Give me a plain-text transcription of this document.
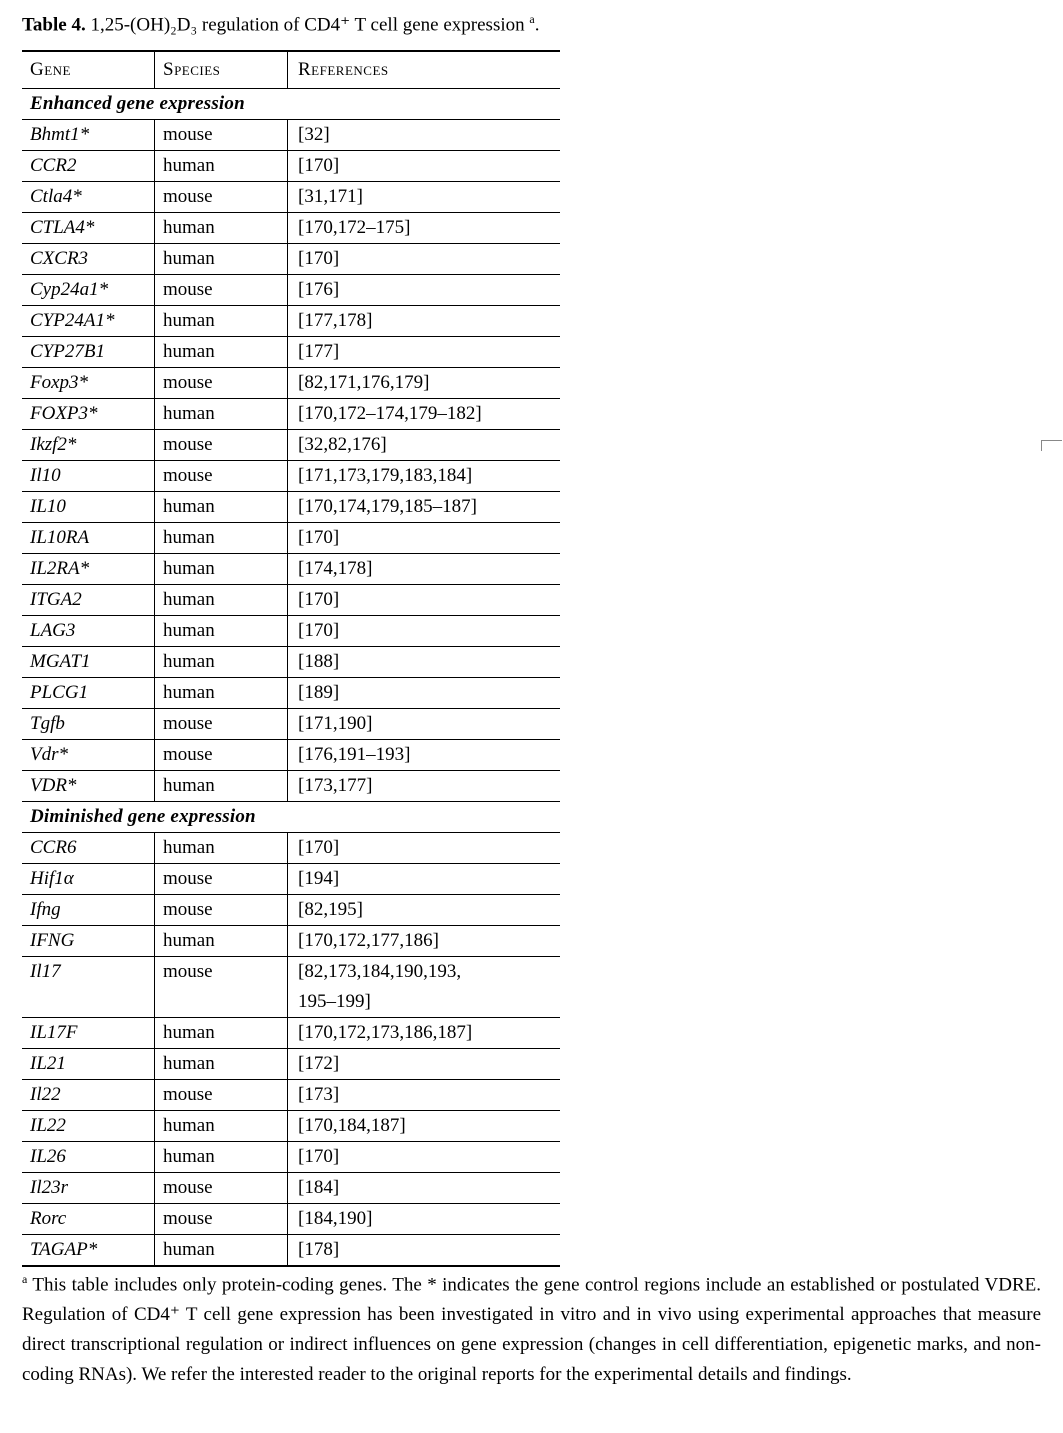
Table 4. 1,25-(OH)₂D₃ regulation of CD4⁺ T cell gene expression $^a$.
Gene	Species	References
Enhanced gene expression		
Bhmt1*	mouse	[32]
CCR2	human	[170]
Ctla4*	mouse	[31,171]
CTLA4*	human	[170,172–175]
CXCR3	human	[170]
Cyp24a1*	mouse	[176]
CYP24A1*	human	[177,178]
CYP27B1	human	[177]
Foxp3*	mouse	[82,171,176,179]
FOXP3*	human	[170,172–174,179–182]
Ikzf2*	mouse	[32,82,176]
Il10	mouse	[171,173,179,183,184]
IL10	human	[170,174,179,185–187]
IL10RA	human	[170]
IL2RA*	human	[174,178]
ITGA2	human	[170]
LAG3	human	[170]
MGAT1	human	[188]
PLCG1	human	[189]
Tgfb	mouse	[171,190]
Vdr*	mouse	[176,191–193]
VDR*	human	[173,177]
Diminished gene expression		
CCR6	human	[170]
Hif1α	mouse	[194]
Ifng	mouse	[82,195]
IFNG	human	[170,172,177,186]
Il17	mouse	[82,173,184,190,193,
195–199]

IL17F	human	[170,172,173,186,187]
IL21	human	[172]
Il22	mouse	[173]
IL22	human	[170,184,187]
IL26	human	[170]
Il23r	mouse	[184]
Rorc	mouse	[184,190]
TAGAP*	human	[178]
$^a$ This table includes only protein-coding genes. The * indicates the gene control regions include an established or postulated VDRE. Regulation of CD4⁺ T cell gene expression has been investigated in vitro and in vivo using experimental approaches that measure direct transcriptional regulation or indirect influences on gene expression (changes in cell differentiation, epigenetic marks, and non-coding RNAs). We refer the interested reader to the original reports for the experimental details and findings.
